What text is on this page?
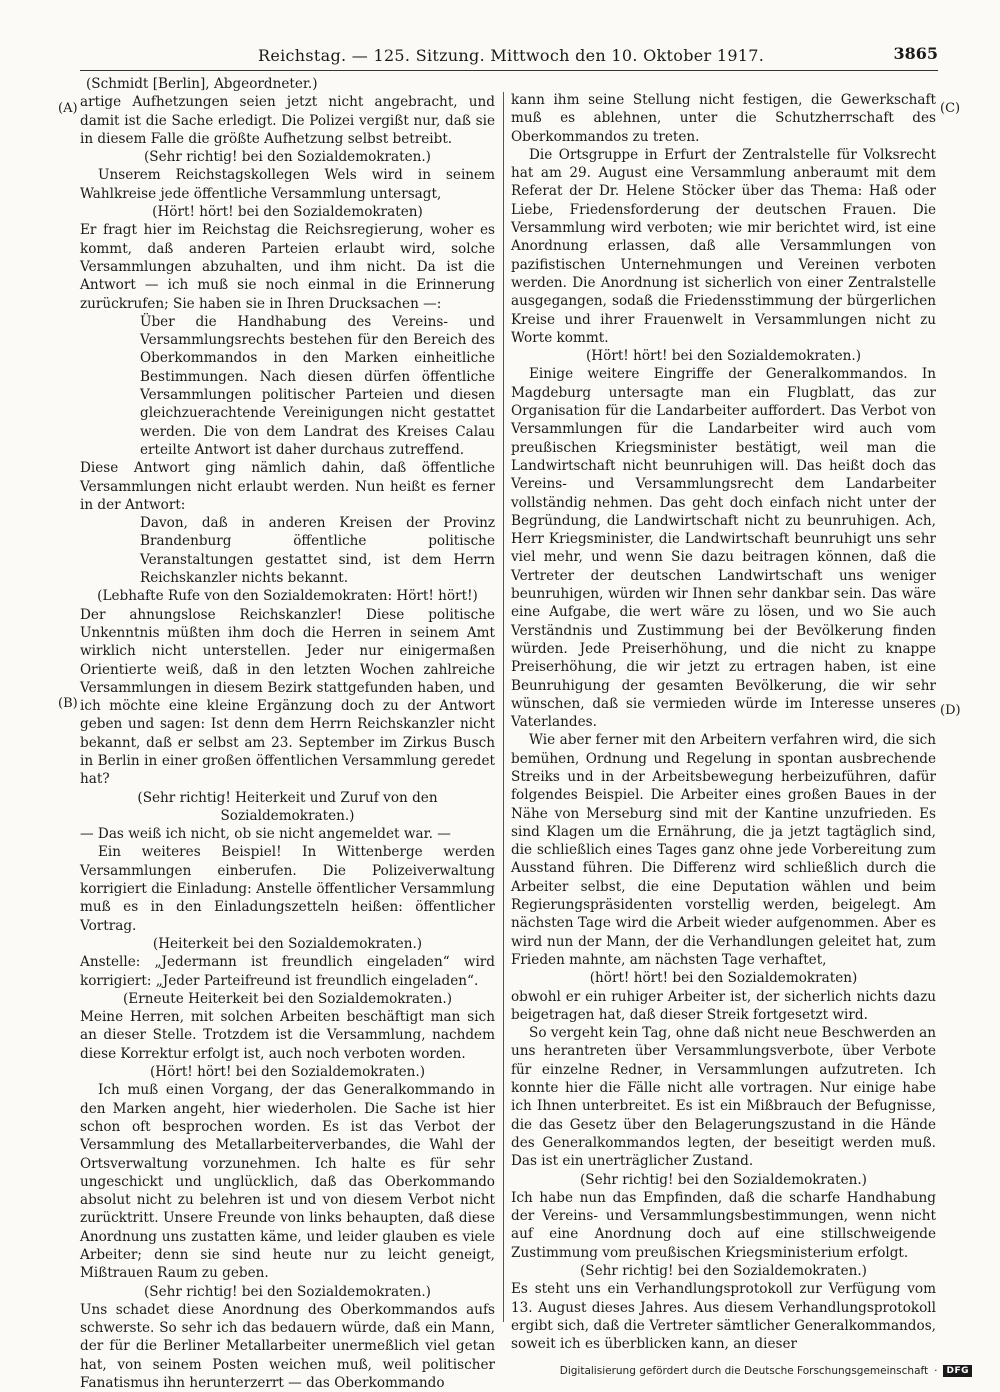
Reichstag. — 125. Sitzung. Mittwoch den 10. Oktober 1917.	3865
(A)
(B)
(C)
(D)

(Schmidt [Berlin], Abgeordneter.)

artige Aufhetzungen seien jetzt nicht angebracht, und damit ist die Sache erledigt. Die Polizei vergißt nur, daß sie in diesem Falle die größte Aufhetzung selbst betreibt.

(Sehr richtig! bei den Sozialdemokraten.)

Unserem Reichstagskollegen Wels wird in seinem Wahlkreise jede öffentliche Versammlung untersagt,

(Hört! hört! bei den Sozialdemokraten)

Er fragt hier im Reichstag die Reichsregierung, woher es kommt, daß anderen Parteien erlaubt wird, solche Versammlungen abzuhalten, und ihm nicht. Da ist die Antwort — ich muß sie noch einmal in die Erinnerung zurückrufen; Sie haben sie in Ihren Drucksachen —:

Über die Handhabung des Vereins- und Versammlungsrechts bestehen für den Bereich des Oberkommandos in den Marken einheitliche Bestimmungen. Nach diesen dürfen öffentliche Versammlungen politischer Parteien und diesen gleichzuerachtende Vereinigungen nicht gestattet werden. Die von dem Landrat des Kreises Calau erteilte Antwort ist daher durchaus zutreffend.

Diese Antwort ging nämlich dahin, daß öffentliche Versammlungen nicht erlaubt werden. Nun heißt es ferner in der Antwort:

Davon, daß in anderen Kreisen der Provinz Brandenburg öffentliche politische Veranstaltungen gestattet sind, ist dem Herrn Reichskanzler nichts bekannt.

(Lebhafte Rufe von den Sozialdemokraten: Hört! hört!)

Der ahnungslose Reichskanzler! Diese politische Unkenntnis müßten ihm doch die Herren in seinem Amt wirklich nicht unterstellen. Jeder nur einigermaßen Orientierte weiß, daß in den letzten Wochen zahlreiche Versammlungen in diesem Bezirk stattgefunden haben, und ich möchte eine kleine Ergänzung doch zu der Antwort geben und sagen: Ist denn dem Herrn Reichskanzler nicht bekannt, daß er selbst am 23. September im Zirkus Busch in Berlin in einer großen öffentlichen Versammlung geredet hat?

(Sehr richtig! Heiterkeit und Zuruf von den Sozialdemokraten.)

— Das weiß ich nicht, ob sie nicht angemeldet war. —

Ein weiteres Beispiel! In Wittenberge werden Versammlungen einberufen. Die Polizeiverwaltung korrigiert die Einladung: Anstelle öffentlicher Versammlung muß es in den Einladungszetteln heißen: öffentlicher Vortrag.

(Heiterkeit bei den Sozialdemokraten.)

Anstelle: „Jedermann ist freundlich eingeladen“ wird korrigiert: „Jeder Parteifreund ist freundlich eingeladen“.

(Erneute Heiterkeit bei den Sozialdemokraten.)

Meine Herren, mit solchen Arbeiten beschäftigt man sich an dieser Stelle. Trotzdem ist die Versammlung, nachdem diese Korrektur erfolgt ist, auch noch verboten worden.

(Hört! hört! bei den Sozialdemokraten.)

Ich muß einen Vorgang, der das Generalkommando in den Marken angeht, hier wiederholen. Die Sache ist hier schon oft besprochen worden. Es ist das Verbot der Versammlung des Metallarbeiterverbandes, die Wahl der Ortsverwaltung vorzunehmen. Ich halte es für sehr ungeschickt und unglücklich, daß das Oberkommando absolut nicht zu belehren ist und von diesem Verbot nicht zurücktritt. Unsere Freunde von links behaupten, daß diese Anordnung uns zustatten käme, und leider glauben es viele Arbeiter; denn sie sind heute nur zu leicht geneigt, Mißtrauen Raum zu geben.

(Sehr richtig! bei den Sozialdemokraten.)

Uns schadet diese Anordnung des Oberkommandos aufs schwerste. So sehr ich das bedauern würde, daß ein Mann, der für die Berliner Metallarbeiter unermeßlich viel getan hat, von seinem Posten weichen muß, weil politischer Fanatismus ihn herunterzerrt — das Oberkommando

kann ihm seine Stellung nicht festigen, die Gewerkschaft muß es ablehnen, unter die Schutzherrschaft des Oberkommandos zu treten.

Die Ortsgruppe in Erfurt der Zentralstelle für Volksrecht hat am 29. August eine Versammlung anberaumt mit dem Referat der Dr. Helene Stöcker über das Thema: Haß oder Liebe, Friedensforderung der deutschen Frauen. Die Versammlung wird verboten; wie mir berichtet wird, ist eine Anordnung erlassen, daß alle Versammlungen von pazifistischen Unternehmungen und Vereinen verboten werden. Die Anordnung ist sicherlich von einer Zentralstelle ausgegangen, sodaß die Friedensstimmung der bürgerlichen Kreise und ihrer Frauenwelt in Versammlungen nicht zu Worte kommt.

(Hört! hört! bei den Sozialdemokraten.)

Einige weitere Eingriffe der Generalkommandos. In Magdeburg untersagte man ein Flugblatt, das zur Organisation für die Landarbeiter auffordert. Das Verbot von Versammlungen für die Landarbeiter wird auch vom preußischen Kriegsminister bestätigt, weil man die Landwirtschaft nicht beunruhigen will. Das heißt doch das Vereins- und Versammlungsrecht dem Landarbeiter vollständig nehmen. Das geht doch einfach nicht unter der Begründung, die Landwirtschaft nicht zu beunruhigen. Ach, Herr Kriegsminister, die Landwirtschaft beunruhigt uns sehr viel mehr, und wenn Sie dazu beitragen können, daß die Vertreter der deutschen Landwirtschaft uns weniger beunruhigen, würden wir Ihnen sehr dankbar sein. Das wäre eine Aufgabe, die wert wäre zu lösen, und wo Sie auch Verständnis und Zustimmung bei der Bevölkerung finden würden. Jede Preiserhöhung, und die nicht zu knappe Preiserhöhung, die wir jetzt zu ertragen haben, ist eine Beunruhigung der gesamten Bevölkerung, die wir sehr wünschen, daß sie vermieden würde im Interesse unseres Vaterlandes.

Wie aber ferner mit den Arbeitern verfahren wird, die sich bemühen, Ordnung und Regelung in spontan ausbrechende Streiks und in der Arbeitsbewegung herbeizuführen, dafür folgendes Beispiel. Die Arbeiter eines großen Baues in der Nähe von Merseburg sind mit der Kantine unzufrieden. Es sind Klagen um die Ernährung, die ja jetzt tagtäglich sind, die schließlich eines Tages ganz ohne jede Vorbereitung zum Ausstand führen. Die Differenz wird schließlich durch die Arbeiter selbst, die eine Deputation wählen und beim Regierungspräsidenten vorstellig werden, beigelegt. Am nächsten Tage wird die Arbeit wieder aufgenommen. Aber es wird nun der Mann, der die Verhandlungen geleitet hat, zum Frieden mahnte, am nächsten Tage verhaftet,

(hört! hört! bei den Sozialdemokraten)

obwohl er ein ruhiger Arbeiter ist, der sicherlich nichts dazu beigetragen hat, daß dieser Streik fortgesetzt wird.

So vergeht kein Tag, ohne daß nicht neue Beschwerden an uns herantreten über Versammlungsverbote, über Verbote für einzelne Redner, in Versammlungen aufzutreten. Ich konnte hier die Fälle nicht alle vortragen. Nur einige habe ich Ihnen unterbreitet. Es ist ein Mißbrauch der Befugnisse, die das Gesetz über den Belagerungszustand in die Hände des Generalkommandos legten, der beseitigt werden muß. Das ist ein unerträglicher Zustand.

(Sehr richtig! bei den Sozialdemokraten.)

Ich habe nun das Empfinden, daß die scharfe Handhabung der Vereins- und Versammlungsbestimmungen, wenn nicht auf eine Anordnung doch auf eine stillschweigende Zustimmung vom preußischen Kriegsministerium erfolgt.

(Sehr richtig! bei den Sozialdemokraten.)

Es steht uns ein Verhandlungsprotokoll zur Verfügung vom 13. August dieses Jahres. Aus diesem Verhandlungsprotokoll ergibt sich, daß die Vertreter sämtlicher Generalkommandos, soweit ich es überblicken kann, an dieser

Digitalisierung gefördert durch die Deutsche Forschungsgemeinschaft ·	DFG
